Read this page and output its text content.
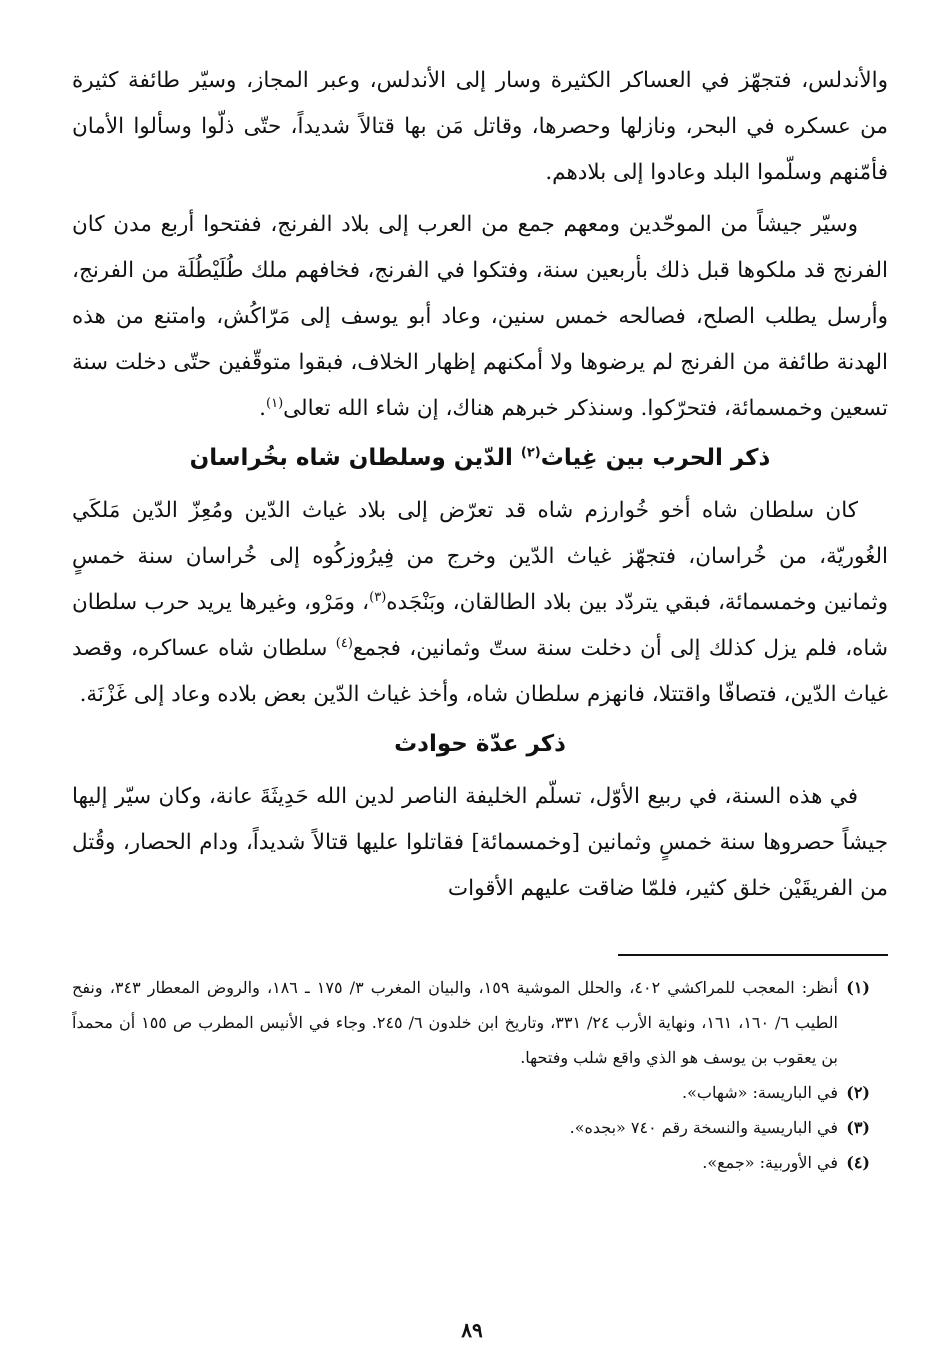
والأندلس، فتجهّز في العساكر الكثيرة وسار إلى الأندلس، وعبر المجاز، وسيّر طائفة كثيرة من عسكره في البحر، ونازلها وحصرها، وقاتل مَن بها قتالاً شديداً، حتّى ذلّوا وسألوا الأمان فأمّنهم وسلّموا البلد وعادوا إلى بلادهم.

وسيّر جيشاً من الموحّدين ومعهم جمع من العرب إلى بلاد الفرنج، ففتحوا أربع مدن كان الفرنج قد ملكوها قبل ذلك بأربعين سنة، وفتكوا في الفرنج، فخافهم ملك طُلَيْطُلَة من الفرنج، وأرسل يطلب الصلح، فصالحه خمس سنين، وعاد أبو يوسف إلى مَرّاكُش، وامتنع من هذه الهدنة طائفة من الفرنج لم يرضوها ولا أمكنهم إظهار الخلاف، فبقوا متوقّفين حتّى دخلت سنة تسعين وخمسمائة، فتحرّكوا. وسنذكر خبرهم هناك، إن شاء الله تعالى$^{(١)}$.

ذكر الحرب بين غِياث$^{(٢)}$ الدّين وسلطان شاه بخُراسان

كان سلطان شاه أخو خُوارزم شاه قد تعرّض إلى بلاد غياث الدّين ومُعِزّ الدّين مَلكَي الغُوريّة، من خُراسان، فتجهّز غياث الدّين وخرج من فِيرُوزكُوه إلى خُراسان سنة خمسٍ وثمانين وخمسمائة، فبقي يتردّد بين بلاد الطالقان، وبَنْجَده$^{(٣)}$، ومَرْو، وغيرها يريد حرب سلطان شاه، فلم يزل كذلك إلى أن دخلت سنة ستّ وثمانين، فجمع$^{(٤)}$ سلطان شاه عساكره، وقصد غياث الدّين، فتصافّا واقتتلا، فانهزم سلطان شاه، وأخذ غياث الدّين بعض بلاده وعاد إلى غَزْنَة.

ذكر عدّة حوادث

في هذه السنة، في ربيع الأوّل، تسلّم الخليفة الناصر لدين الله حَدِيثَةَ عانة، وكان سيّر إليها جيشاً حصروها سنة خمسٍ وثمانين [وخمسمائة] فقاتلوا عليها قتالاً شديداً، ودام الحصار، وقُتل من الفريقَيْن خلق كثير، فلمّا ضاقت عليهم الأقوات

(١)
أنظر: المعجب للمراكشي ٤٠٢، والحلل الموشية ١٥٩، والبيان المغرب ٣/ ١٧٥ ـ ١٨٦، والروض المعطار ٣٤٣، ونفح الطيب ٦/ ١٦٠، ١٦١، ونهاية الأرب ٢٤/ ٣٣١، وتاريخ ابن خلدون ٦/ ٢٤٥. وجاء في الأنيس المطرب ص ١٥٥ أن محمداً بن يعقوب بن يوسف هو الذي واقع شلب وفتحها.
(٢)
في الباريسة: «شهاب».
(٣)
في الباريسية والنسخة رقم ٧٤٠ «بجده».
(٤)
في الأوربية: «جمع».
٨٩
